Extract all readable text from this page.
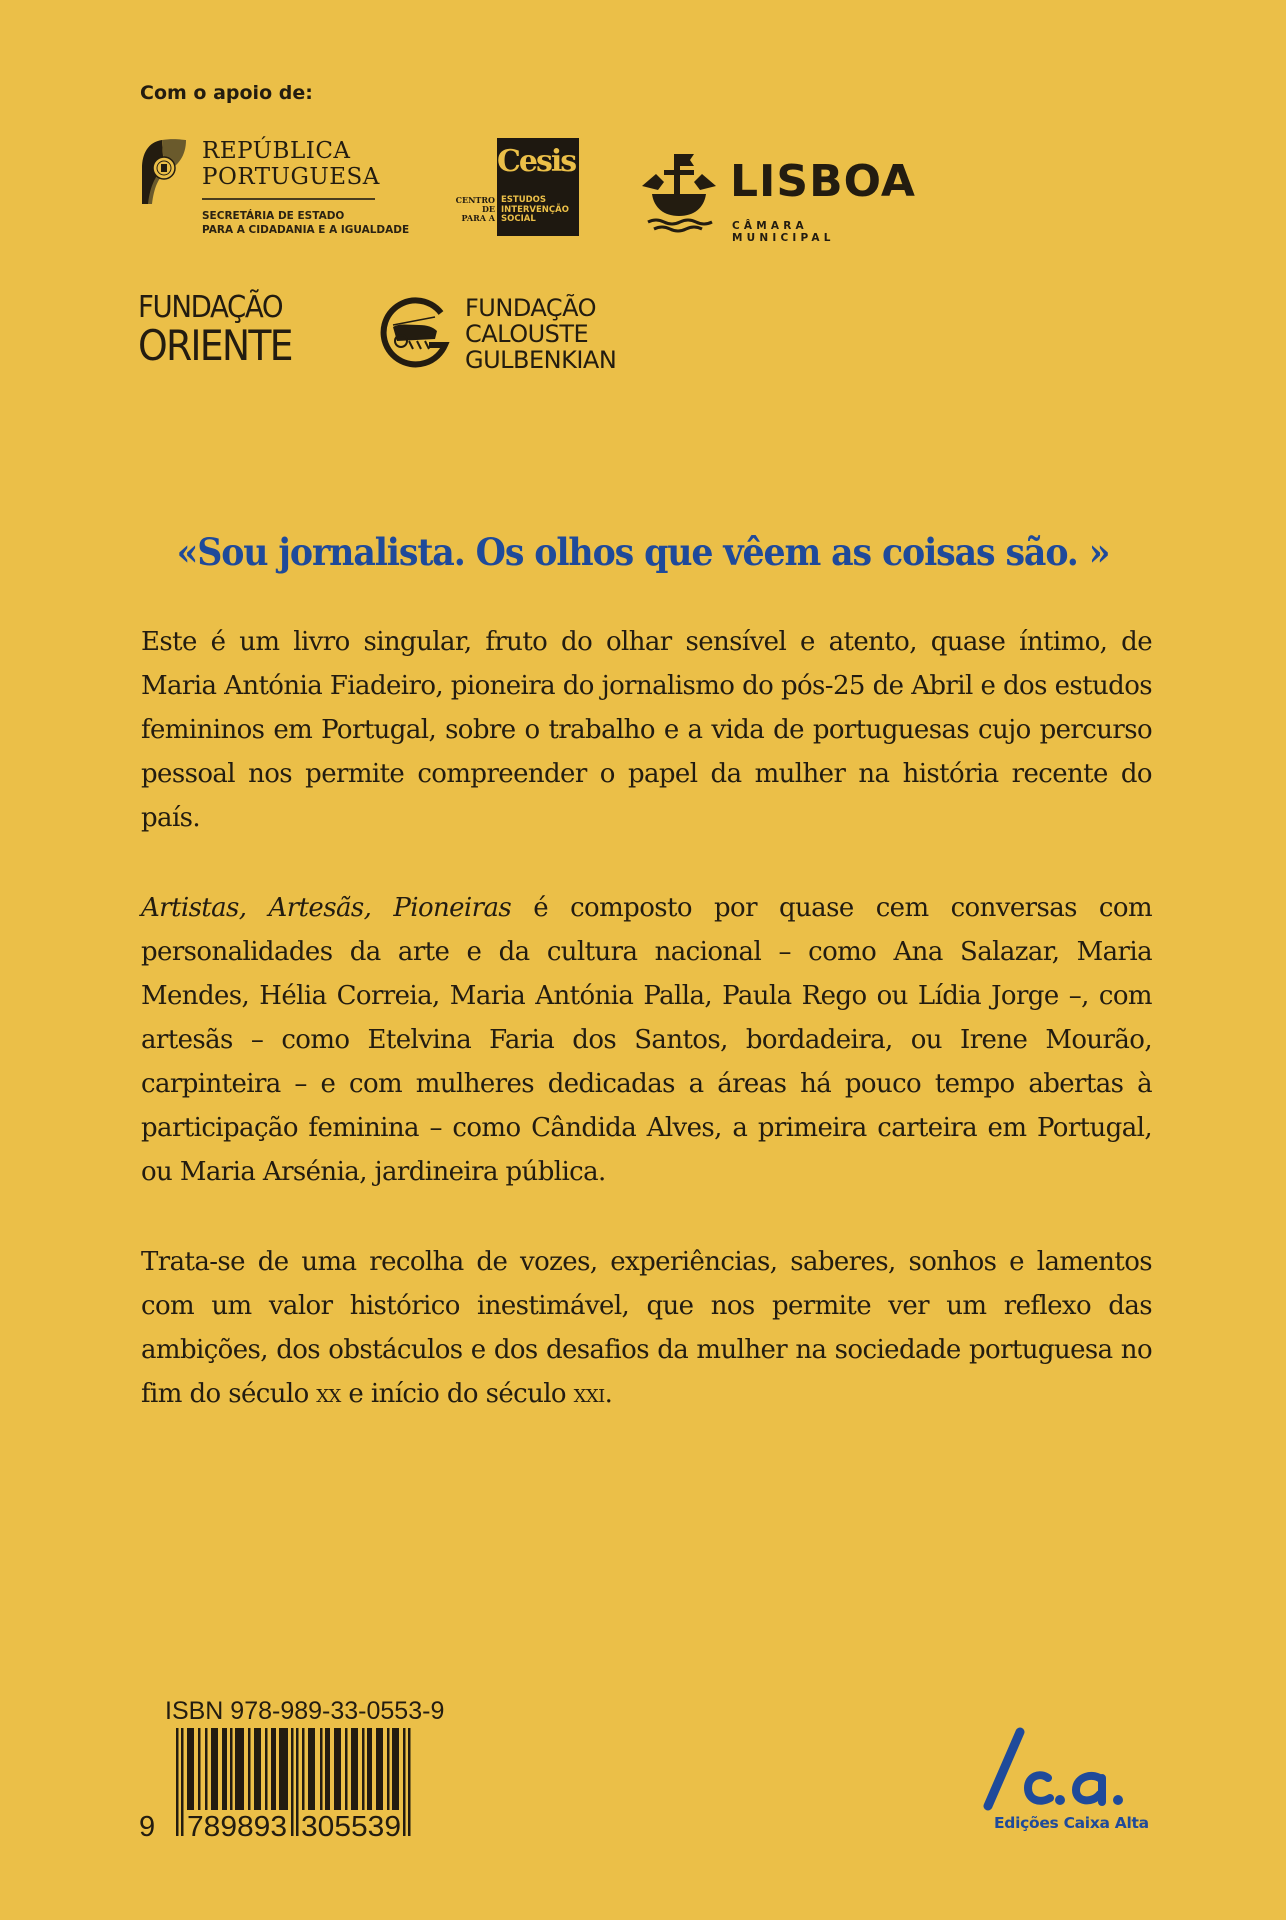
Com o apoio de:
REPÚBLICA
PORTUGUESA
SECRETÁRIA DE ESTADO
PARA A CIDADANIA E A IGUALDADE
Cesis
CENTRO DE
PARA A
ESTUDOS
INTERVENÇÃO
SOCIAL
LISBOA
CÂMARA MUNICIPAL
FUNDAÇÃO
ORIENTE
FUNDAÇÃO
CALOUSTE
GULBENKIAN
«Sou jornalista. Os olhos que vêem as coisas são. »
Este é um livro singular, fruto do olhar sensível e atento, quase íntimo, de Maria Antónia Fiadeiro, pioneira do jornalismo do pós-25 de Abril e dos estudos femininos em Portugal, sobre o trabalho e a vida de portuguesas cujo percurso pessoal nos permite compreender o papel da mulher na história recente do país.
Artistas, Artesãs, Pioneiras é composto por quase cem conversas com personalidades da arte e da cultura nacional – como Ana Salazar, Maria Mendes, Hélia Correia, Maria Antónia Palla, Paula Rego ou Lídia Jorge –, com artesãs – como Etelvina Faria dos Santos, bordadeira, ou Irene Mourão, carpinteira – e com mulheres dedicadas a áreas há pouco tempo abertas à participação feminina – como Cândida Alves, a primeira carteira em Portugal, ou Maria Arsénia, jardineira pública.
Trata-se de uma recolha de vozes, experiências, saberes, sonhos e lamentos com um valor histórico inestimável, que nos permite ver um reflexo das ambições, dos obstáculos e dos desafios da mulher na sociedade portuguesa no fim do século xx e início do século xxi.
ISBN 978-989-33-0553-9
9 789893 305539	Edições Caixa Alta
